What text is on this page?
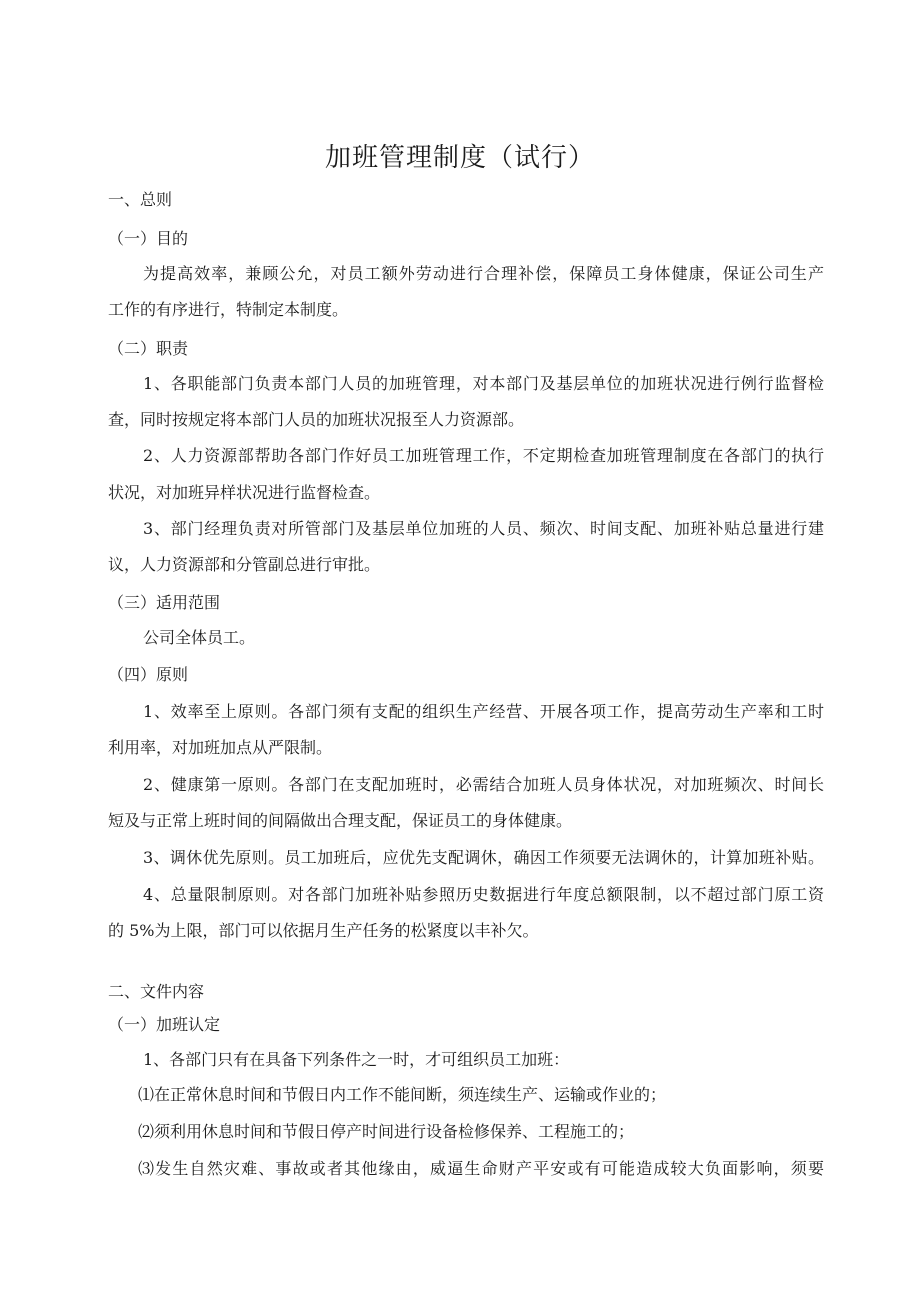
加班管理制度（试行）
一、总则
（一）目的
为提高效率，兼顾公允，对员工额外劳动进行合理补偿，保障员工身体健康，保证公司生产
工作的有序进行，特制定本制度。
（二）职责
1、各职能部门负责本部门人员的加班管理，对本部门及基层单位的加班状况进行例行监督检
查，同时按规定将本部门人员的加班状况报至人力资源部。
2、人力资源部帮助各部门作好员工加班管理工作，不定期检查加班管理制度在各部门的执行
状况，对加班异样状况进行监督检查。
3、部门经理负责对所管部门及基层单位加班的人员、频次、时间支配、加班补贴总量进行建
议，人力资源部和分管副总进行审批。
（三）适用范围
公司全体员工。
（四）原则
1、效率至上原则。各部门须有支配的组织生产经营、开展各项工作，提高劳动生产率和工时
利用率，对加班加点从严限制。
2、健康第一原则。各部门在支配加班时，必需结合加班人员身体状况，对加班频次、时间长
短及与正常上班时间的间隔做出合理支配，保证员工的身体健康。
3、调休优先原则。员工加班后，应优先支配调休，确因工作须要无法调休的，计算加班补贴。
4、总量限制原则。对各部门加班补贴参照历史数据进行年度总额限制，以不超过部门原工资
的 5%为上限，部门可以依据月生产任务的松紧度以丰补欠。
二、文件内容
（一）加班认定
1、各部门只有在具备下列条件之一时，才可组织员工加班：
⑴在正常休息时间和节假日内工作不能间断，须连续生产、运输或作业的；
⑵须利用休息时间和节假日停产时间进行设备检修保养、工程施工的；
⑶发生自然灾难、事故或者其他缘由，威逼生命财产平安或有可能造成较大负面影响，须要
